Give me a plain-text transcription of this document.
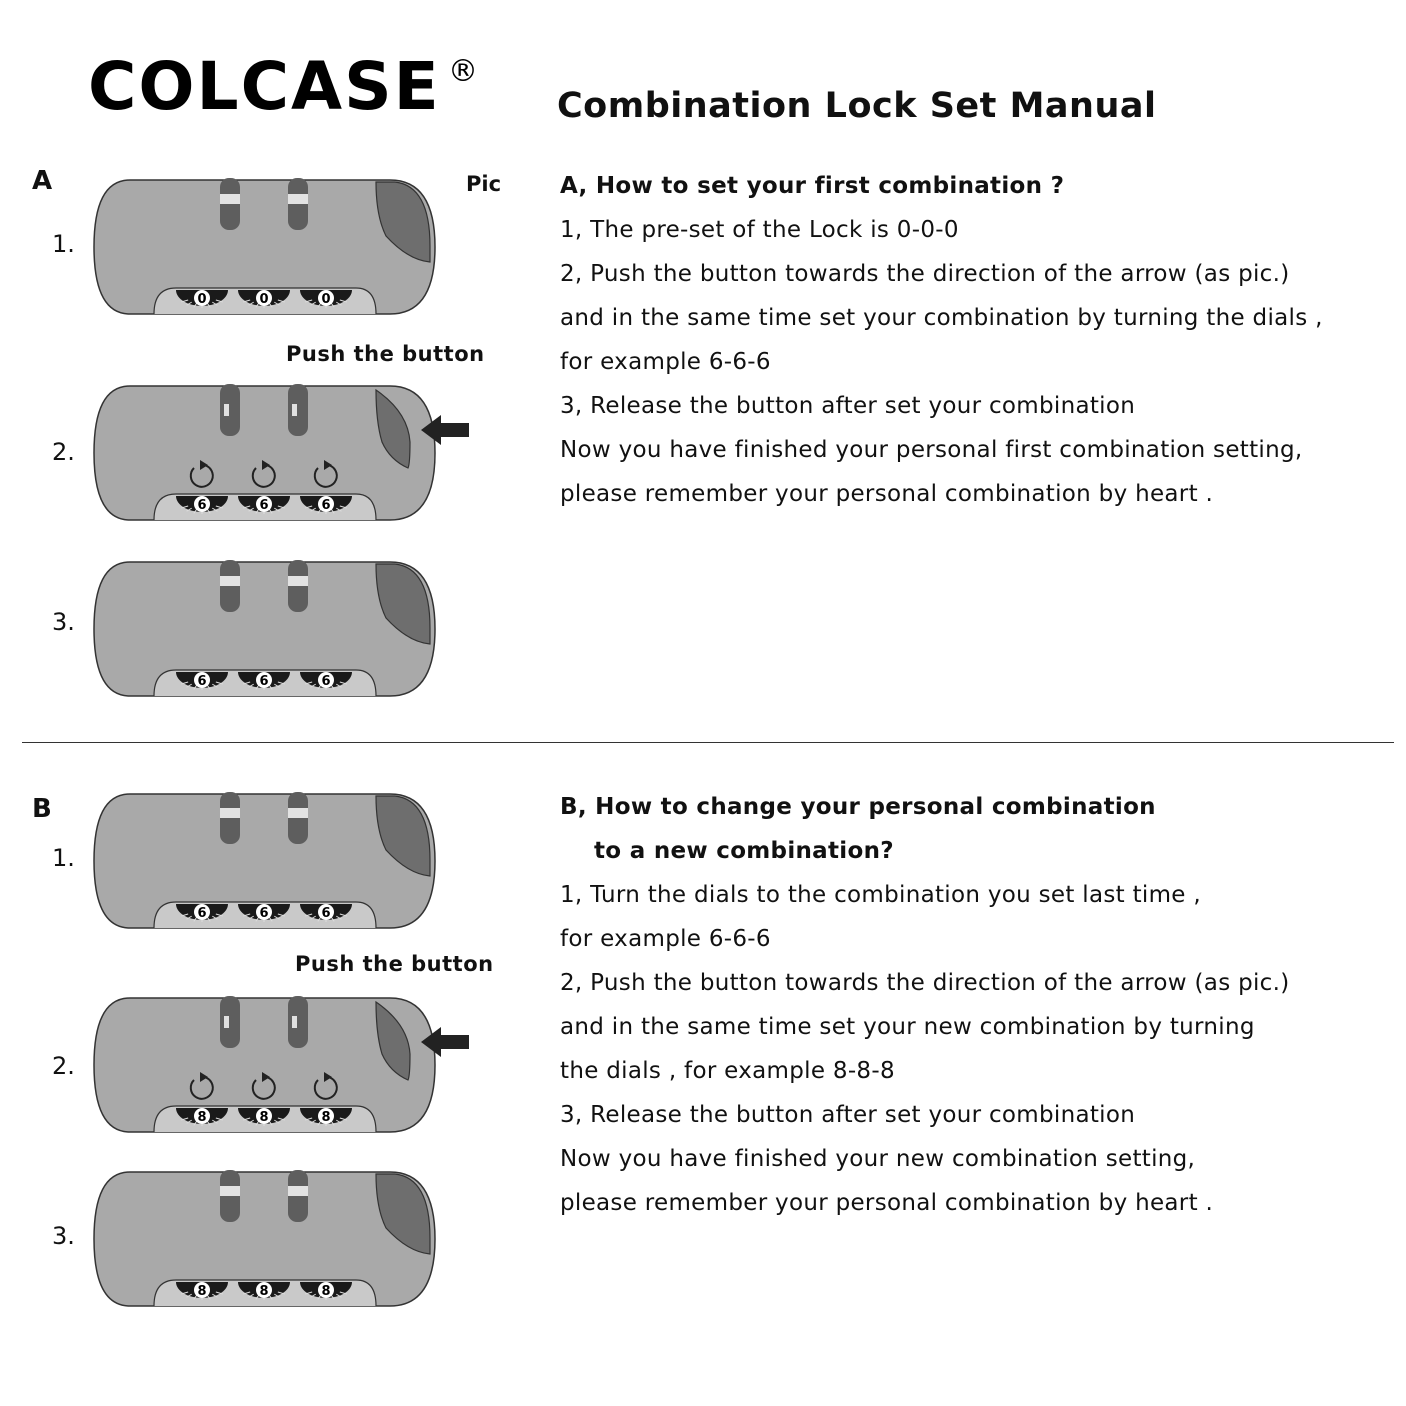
COLCASE ®
Combination Lock Set Manual
A	Pic
1.
2.
3.
Push the button
0	0	0
6	6	6
6	6	6
A, How to set your first combination ?
1, The pre-set of the Lock is 0-0-0
2, Push the button towards the direction of the arrow (as pic.)
and in the same time set your combination by turning the dials ,
for example 6-6-6
3, Release the button after set your combination
Now you have finished your personal first combination setting,
please remember your personal combination by heart .
B
1.
2.
3.
Push the button
6	6	6
8	8	8
8	8	8
B, How to change your personal combination
to a new combination?
1, Turn the dials to the combination you set last time ,
for example 6-6-6
2, Push the button towards the direction of the arrow (as pic.)
and in the same time set your new combination by turning
the dials , for example 8-8-8
3, Release the button after set your combination
Now you have finished your new combination setting,
please remember your personal combination by heart .
